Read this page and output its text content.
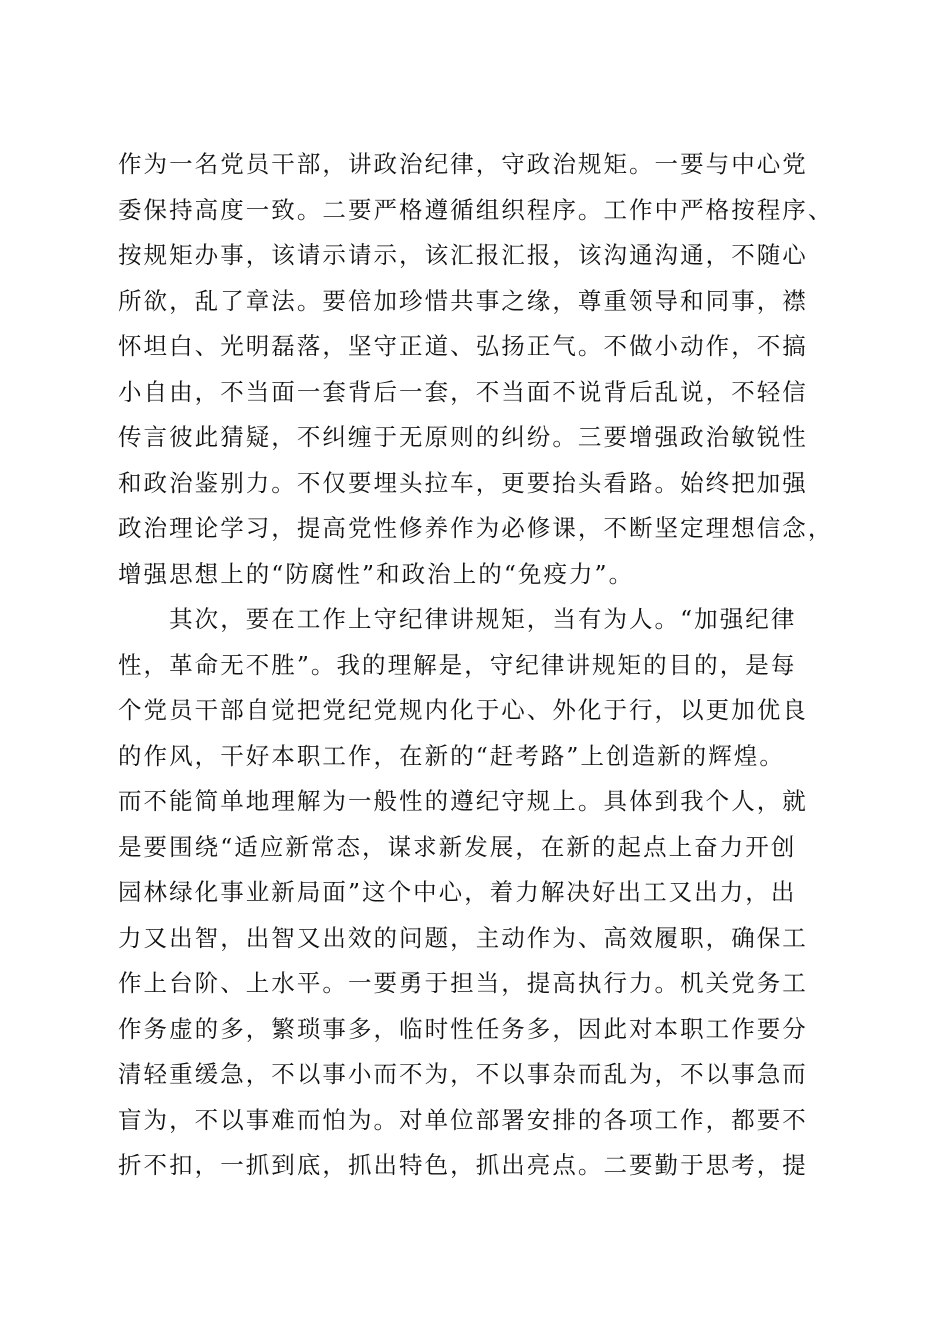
作为一名党员干部，讲政治纪律，守政治规矩。一要与中心党
委保持高度一致。二要严格遵循组织程序。工作中严格按程序、
按规矩办事，该请示请示，该汇报汇报，该沟通沟通，不随心
所欲，乱了章法。要倍加珍惜共事之缘，尊重领导和同事，襟
怀坦白、光明磊落，坚守正道、弘扬正气。不做小动作，不搞
小自由，不当面一套背后一套，不当面不说背后乱说，不轻信
传言彼此猜疑，不纠缠于无原则的纠纷。三要增强政治敏锐性
和政治鉴别力。不仅要埋头拉车，更要抬头看路。始终把加强
政治理论学习，提高党性修养作为必修课，不断坚定理想信念，
增强思想上的“防腐性”和政治上的“免疫力”。
　　其次，要在工作上守纪律讲规矩，当有为人。“加强纪律
性，革命无不胜”。我的理解是，守纪律讲规矩的目的，是每
个党员干部自觉把党纪党规内化于心、外化于行，以更加优良
的作风，干好本职工作，在新的“赶考路”上创造新的辉煌。
而不能简单地理解为一般性的遵纪守规上。具体到我个人，就
是要围绕“适应新常态，谋求新发展，在新的起点上奋力开创
园林绿化事业新局面”这个中心，着力解决好出工又出力，出
力又出智，出智又出效的问题，主动作为、高效履职，确保工
作上台阶、上水平。一要勇于担当，提高执行力。机关党务工
作务虚的多，繁琐事多，临时性任务多，因此对本职工作要分
清轻重缓急，不以事小而不为，不以事杂而乱为，不以事急而
盲为，不以事难而怕为。对单位部署安排的各项工作，都要不
折不扣，一抓到底，抓出特色，抓出亮点。二要勤于思考，提
